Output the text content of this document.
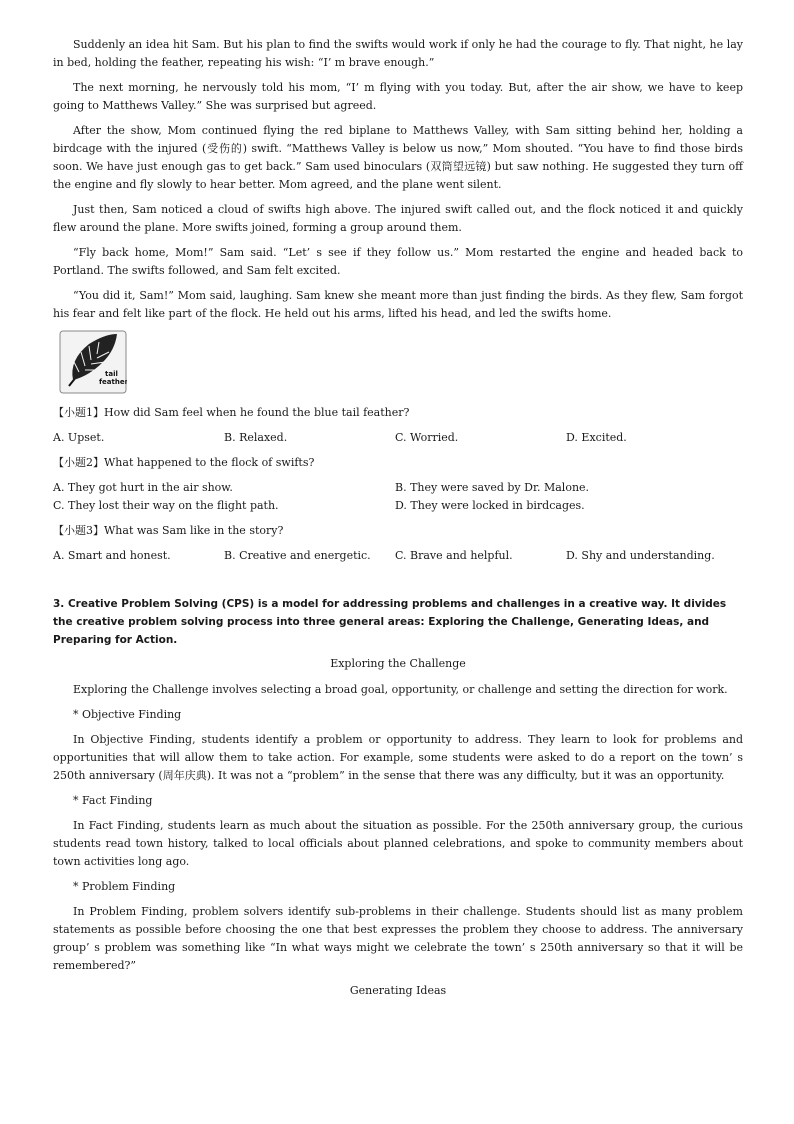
Suddenly an idea hit Sam. But his plan to find the swifts would work if only he had the courage to fly. That night, he lay in bed, holding the feather, repeating his wish: “I’ m brave enough.”

The next morning, he nervously told his mom, “I’ m flying with you today. But, after the air show, we have to keep going to Matthews Valley.” She was surprised but agreed.

After the show, Mom continued flying the red biplane to Matthews Valley, with Sam sitting behind her, holding a birdcage with the injured (受伤的) swift. “Matthews Valley is below us now,” Mom shouted. “You have to find those birds soon. We have just enough gas to get back.” Sam used binoculars (双筒望远镜) but saw nothing. He suggested they turn off the engine and fly slowly to hear better. Mom agreed, and the plane went silent.

Just then, Sam noticed a cloud of swifts high above. The injured swift called out, and the flock noticed it and quickly flew around the plane. More swifts joined, forming a group around them.

“Fly back home, Mom!” Sam said. “Let’ s see if they follow us.” Mom restarted the engine and headed back to Portland. The swifts followed, and Sam felt excited.

“You did it, Sam!” Mom said, laughing. Sam knew she meant more than just finding the birds. As they flew, Sam forgot his fear and felt like part of the flock. He held out his arms, lifted his head, and led the swifts home.

tail
feather

【小题1】How did Sam feel when he found the blue tail feather?

A. Upset.	B. Relaxed.	C. Worried.	D. Excited.

【小题2】What happened to the flock of swifts?

A. They got hurt in the air show.	B. They were saved by Dr. Malone.
C. They lost their way on the flight path.	D. They were locked in birdcages.

【小题3】What was Sam like in the story?

A. Smart and honest.	B. Creative and energetic.	C. Brave and helpful.	D. Shy and understanding.

3. Creative Problem Solving (CPS) is a model for addressing problems and challenges in a creative way. It divides the creative problem solving process into three general areas: Exploring the Challenge, Generating Ideas, and Preparing for Action.

Exploring the Challenge

Exploring the Challenge involves selecting a broad goal, opportunity, or challenge and setting the direction for work.

* Objective Finding

In Objective Finding, students identify a problem or opportunity to address. They learn to look for problems and opportunities that will allow them to take action. For example, some students were asked to do a report on the town’ s 250th anniversary (周年庆典). It was not a “problem” in the sense that there was any difficulty, but it was an opportunity.

* Fact Finding

In Fact Finding, students learn as much about the situation as possible. For the 250th anniversary group, the curious students read town history, talked to local officials about planned celebrations, and spoke to community members about town activities long ago.

* Problem Finding

In Problem Finding, problem solvers identify sub-problems in their challenge. Students should list as many problem statements as possible before choosing the one that best expresses the problem they choose to address. The anniversary group’ s problem was something like “In what ways might we celebrate the town’ s 250th anniversary so that it will be remembered?”

Generating Ideas
